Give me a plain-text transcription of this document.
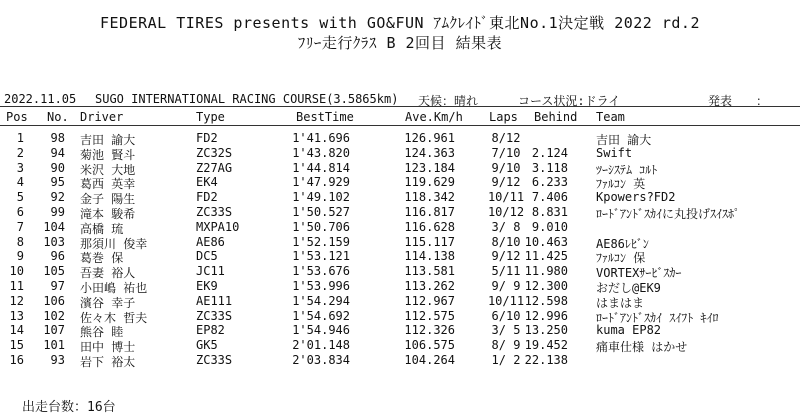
FEDERAL TIRES presents with GO&FUN ｱﾑｸﾚｲﾄﾞ東北No.1決定戦 2022 rd.2
ﾌﾘｰ走行ｸﾗｽ B 2回目 結果表
2022.11.05 SUGO INTERNATIONAL RACING COURSE(3.5865km) 天候：晴れ	コース状況:ドライ	発表　　：
Pos No. Driver	Type	BestTime	Ave.Km/h Laps Behind Team
1	98 吉田 諭大	FD2	1'41.696	126.961	8/12	吉田 諭大
2	94 菊池 賢斗	ZC32S	1'43.820	124.363	7/10 2.124 Swift
3	90 米沢 大地	Z27AG	1'44.814	123.184	9/10 3.118 ﾂｰｼｽﾃﾑ ｺﾙﾄ
4	95 葛西 英幸	EK4	1'47.929	119.629	9/12 6.233 ﾌｧﾙｺﾝ 英
5	92 金子 陽生	FD2	1'49.102	118.342	10/11 7.406 Kpowers?FD2
6	99 滝本 駿希	ZC33S	1'50.527	116.817	10/12 8.831 ﾛｰﾄﾞｱﾝﾄﾞｽｶｲに丸投げｽｲｽﾎﾟ
7	104 高橋 琉	MXPA10	1'50.706	116.628	3/ 8 9.010
8	103 那須川 俊幸	AE86	1'52.159	115.117	8/10 10.463 AE86ﾚﾋﾞﾝ
9	96 葛巻 保	DC5	1'53.121	114.138	9/12 11.425 ﾌｧﾙｺﾝ 保
10	105 吾妻 裕人	JC11	1'53.676	113.581	5/11 11.980 VORTEXｻｰﾋﾞｽｶｰ
11	97 小田嶋 祐也	EK9	1'53.996	113.262	9/ 9 12.300 おだし@EK9
12	106 濱谷 幸子	AE111	1'54.294	112.967	10/11 12.598 はまはま
13	102 佐々木 哲夫	ZC33S	1'54.692	112.575	6/10 12.996 ﾛｰﾄﾞｱﾝﾄﾞｽｶｲ ｽｲﾌﾄ ｷｲﾛ
14	107 熊谷 睦	EP82	1'54.946	112.326	3/ 5 13.250 kuma EP82
15	101 田中 博士	GK5	2'01.148	106.575	8/ 9 19.452 痛車仕様 はかせ
16	93 岩下 裕太	ZC33S	2'03.834	104.264	1/ 2 22.138
出走台数：16台
